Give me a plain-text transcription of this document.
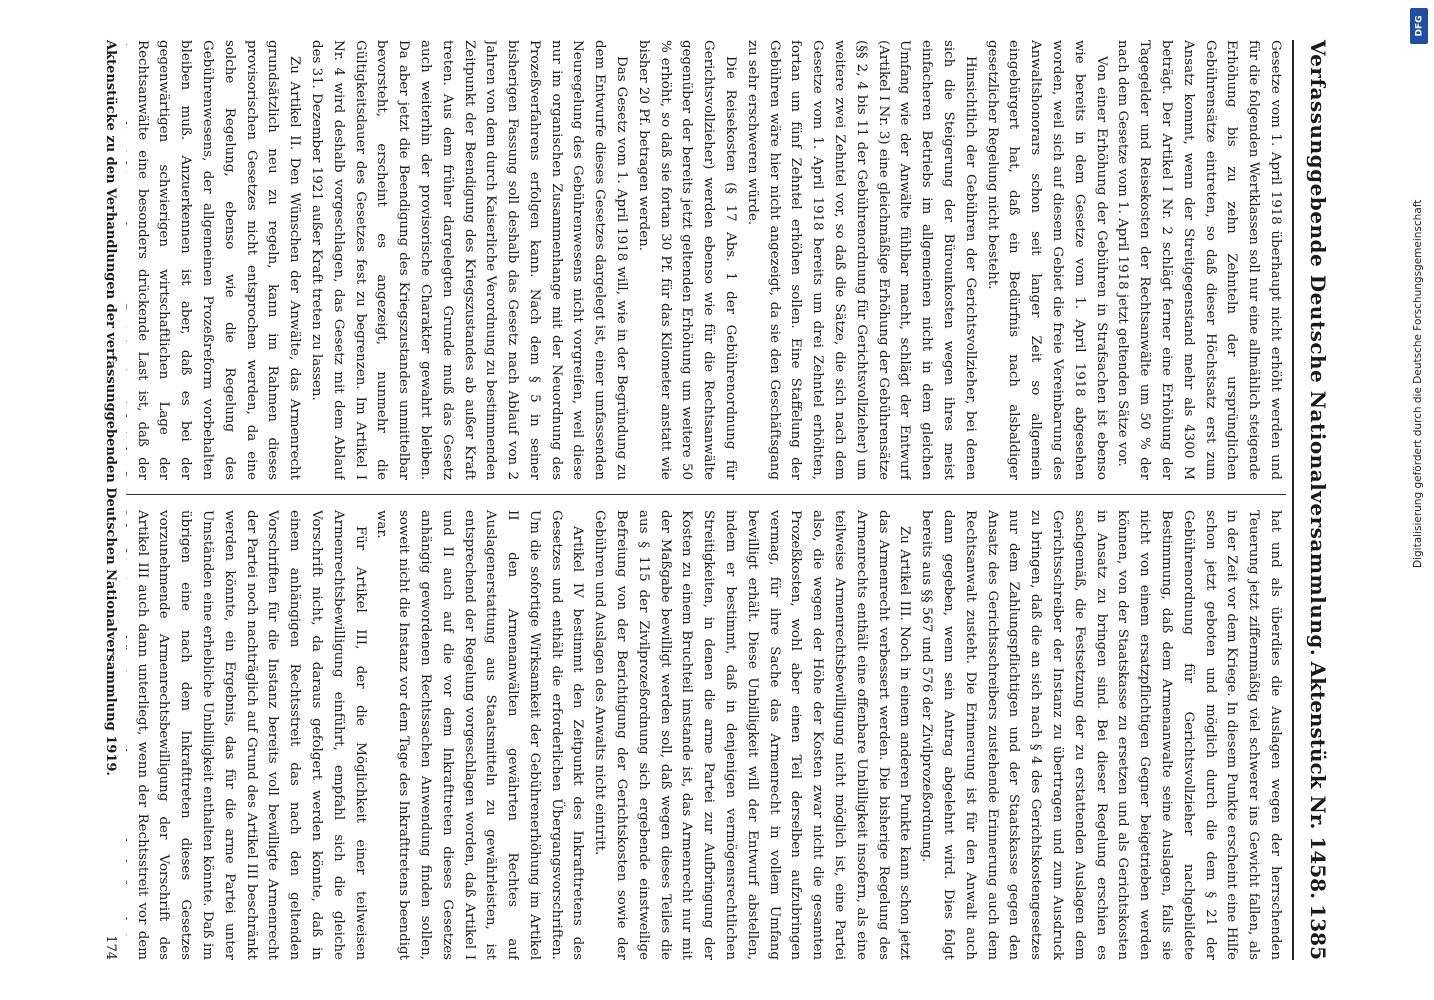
Verfassunggebende Deutsche Nationalversammlung.
Aktenstück Nr. 1458.
1385

Gesetze vom 1. April 1918 überhaupt nicht erhöht werden und für die folgenden Wertklassen soll nur eine allmählich steigende Erhöhung bis zu zehn Zehnteln der ursprünglichen Gebührensätze eintreten, so daß dieser Höchstsatz erst zum Ansatz kommt, wenn der Streitgegenstand mehr als 4300 M beträgt. Der Artikel I Nr. 2 schlägt ferner eine Erhöhung der Tagegelder und Reisekosten der Rechtsanwälte um 50 % der nach dem Gesetze vom 1. April 1918 jetzt geltenden Sätze vor.

Von einer Erhöhung der Gebühren in Strafsachen ist ebenso wie bereits in dem Gesetze vom 1. April 1918 abgesehen worden, weil sich auf diesem Gebiet die freie Vereinbarung des Anwaltshonorars schon seit langer Zeit so allgemein eingebürgert hat, daß ein Bedürfnis nach alsbaldiger gesetzlicher Regelung nicht besteht.

Hinsichtlich der Gebühren der Gerichtsvollzieher, bei denen sich die Steigerung der Bürounkosten wegen ihres meist einfacheren Betriebs im allgemeinen nicht in dem gleichen Umfang wie der Anwälte fühlbar macht, schlägt der Entwurf (Artikel I Nr. 3) eine gleichmäßige Erhöhung der Gebührensätze (§§ 2, 4 bis 11 der Gebührenordnung für Gerichtsvollzieher) um weitere zwei Zehntel vor, so daß die Sätze, die sich nach dem Gesetze vom 1. April 1918 bereits um drei Zehntel erhöhten, fortan um fünf Zehntel erhöhen sollen. Eine Staffelung der Gebühren wäre hier nicht angezeigt, da sie den Geschäftsgang zu sehr erschweren würde.

Die Reisekosten (§ 17 Abs. 1 der Gebührenordnung für Gerichtsvollzieher) werden ebenso wie für die Rechtsanwälte gegenüber der bereits jetzt geltenden Erhöhung um weitere 50 % erhöht, so daß sie fortan 30 Pf. für das Kilometer anstatt wie bisher 20 Pf. betragen werden.

Das Gesetz vom 1. April 1918 will, wie in der Begründung zu dem Entwurfe dieses Gesetzes dargelegt ist, einer umfassenden Neuregelung des Gebührenwesens nicht vorgreifen, weil diese nur im organischen Zusammenhange mit der Neuordnung des Prozeßverfahrens erfolgen kann. Nach dem § 5 in seiner bisherigen Fassung soll deshalb das Gesetz nach Ablauf von 2 Jahren von dem durch Kaiserliche Verordnung zu bestimmenden Zeitpunkt der Beendigung des Kriegszustandes ab außer Kraft treten. Aus dem früher dargelegten Grunde muß das Gesetz auch weiterhin der provisorische Charakter gewahrt bleiben. Da aber jetzt die Beendigung des Kriegszustandes unmittelbar bevorsteht, erscheint es angezeigt, nunmehr die Gültigkeitsdauer des Gesetzes fest zu begrenzen. Im Artikel I Nr. 4 wird deshalb vorgeschlagen, das Gesetz mit dem Ablauf des 31. Dezember 1921 außer Kraft treten zu lassen.

Zu Artikel II. Den Wünschen der Anwälte, das Armenrecht grundsätzlich neu zu regeln, kann im Rahmen dieses provisorischen Gesetzes nicht entsprochen werden, da eine solche Regelung, ebenso wie die Regelung des Gebührenwesens, der allgemeinen Prozeßreform vorbehalten bleiben muß. Anzuerkennen ist aber, daß es bei der gegenwärtigen schwierigen wirtschaftlichen Lage der Rechtsanwälte eine besonders drückende Last ist, daß der

hat und als überdies die Auslagen wegen der herrschenden Teuerung jetzt ziffernmäßig viel schwerer ins Gewicht fallen, als in der Zeit vor dem Kriege. In diesem Punkte erscheint eine Hilfe schon jetzt geboten und möglich durch die dem § 21 der Gebührenordnung für Gerichtsvollzieher nachgebildete Bestimmung, daß dem Armenanwalte seine Auslagen, falls sie nicht von einem ersatzpflichtigen Gegner beigetrieben werden können, von der Staatskasse zu ersetzen und als Gerichtskosten in Ansatz zu bringen sind. Bei dieser Regelung erschien es sachgemäß, die Festsetzung der zu erstattenden Auslagen dem Gerichtsschreiber der Instanz zu übertragen und zum Ausdruck zu bringen, daß die an sich nach § 4 des Gerichtskostengesetzes nur dem Zahlungspflichtigen und der Staatskasse gegen den Ansatz des Gerichtsschreibers zustehende Erinnerung auch dem Rechtsanwalt zusteht. Die Erinnerung ist für den Anwalt auch dann gegeben, wenn sein Antrag abgelehnt wird. Dies folgt bereits aus §§ 567 und 576 der Zivilprozeßordnung.

Zu Artikel III. Noch in einem anderen Punkte kann schon jetzt das Armenrecht verbessert werden. Die bisherige Regelung des Armenrechts enthält eine offenbare Unbilligkeit insofern, als eine teilweise Armenrechtsbewilligung nicht möglich ist, eine Partei also, die wegen der Höhe der Kosten zwar nicht die gesamten Prozeßkosten, wohl aber einen Teil derselben aufzubringen vermag, für ihre Sache das Armenrecht in vollem Umfang bewilligt erhält. Diese Unbilligkeit will der Entwurf abstellen, indem er bestimmt, daß in denjenigen vermögensrechtlichen Streitigkeiten, in denen die arme Partei zur Aufbringung der Kosten zu einem Bruchteil imstande ist, das Armenrecht nur mit der Maßgabe bewilligt werden soll, daß wegen dieses Teiles die aus § 115 der Zivilprozeßordnung sich ergebende einstweilige Befreiung von der Berichtigung der Gerichtskosten sowie der Gebühren und Auslagen des Anwalts nicht eintritt.

Artikel IV bestimmt den Zeitpunkt des Inkrafttretens des Gesetzes und enthält die erforderlichen Übergangsvorschriften. Um die sofortige Wirksamkeit der Gebührenerhöhung im Artikel II den Armenanwälten gewährten Rechtes auf Auslagenerstattung aus Staatsmitteln zu gewährleisten, ist entsprechend der Regelung vorgeschlagen worden, daß Artikel I und II auch auf die vor dem Inkrafttreten dieses Gesetzes anhängig gewordenen Rechtssachen Anwendung finden sollen, soweit nicht die Instanz vor dem Tage des Inkrafttretens beendigt war.

Für Artikel III, der die Möglichkeit einer teilweisen Armenrechtsbewilligung einführt, empfahl sich die gleiche Vorschrift nicht, da daraus gefolgert werden könnte, daß in einem anhängigen Rechtsstreit das nach den geltenden Vorschriften für die Instanz bereits voll bewilligte Armenrecht der Partei noch nachträglich auf Grund des Artikel III beschränkt werden könnte, ein Ergebnis, das für die arme Partei unter Umständen eine erhebliche Unbilligkeit enthalten könnte. Daß im übrigen eine nach dem Inkrafttreten dieses Gesetzes vorzunehmende Armenrechtsbewilligung der Vorschrift des Artikel III auch dann unterliegt, wenn der Rechtsstreit vor dem

Aktenstücke zu den Verhandlungen der verfassunggebenden Deutschen Nationalversammlung 1919.
174
DFG
Digitalisierung gefördert durch die Deutsche Forschungsgemeinschaft
